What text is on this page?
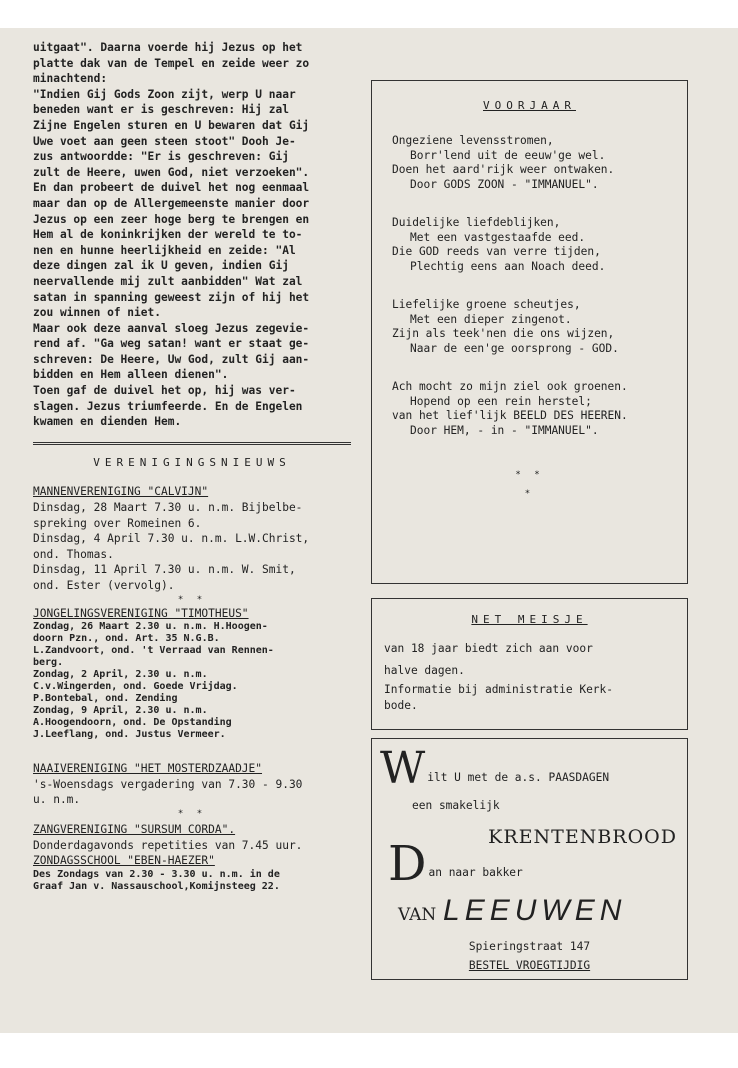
uitgaat". Daarna voerde hij Jezus op het

platte dak van de Tempel en zeide weer zo

minachtend:

"Indien Gij Gods Zoon zijt, werp U naar

beneden want er is geschreven: Hij zal

Zijne Engelen sturen en U bewaren dat Gij

Uwe voet aan geen steen stoot" Dooh Je-

zus antwoordde: "Er is geschreven: Gij

zult de Heere, uwen God, niet verzoeken".

En dan probeert de duivel het nog eenmaal

maar dan op de Allergemeenste manier door

Jezus op een zeer hoge berg te brengen en

Hem al de koninkrijken der wereld te to-

nen en hunne heerlijkheid en zeide: "Al

deze dingen zal ik U geven, indien Gij

neervallende mij zult aanbidden" Wat zal

satan in spanning geweest zijn of hij het

zou winnen of niet.

Maar ook deze aanval sloeg Jezus zegevie-

rend af. "Ga weg satan! want er staat ge-

schreven: De Heere, Uw God, zult Gij aan-

bidden en Hem alleen dienen".

Toen gaf de duivel het op, hij was ver-

slagen. Jezus triumfeerde. En de Engelen

kwamen en dienden Hem.

VERENIGINGSNIEUWS

MANNENVERENIGING "CALVIJN"

Dinsdag, 28 Maart 7.30 u. n.m. Bijbelbe-

spreking over Romeinen 6.

Dinsdag, 4 April 7.30 u. n.m. L.W.Christ,

ond. Thomas.

Dinsdag, 11 April 7.30 u. n.m. W. Smit,

ond. Ester (vervolg).

* *

JONGELINGSVERENIGING "TIMOTHEUS"

Zondag, 26 Maart 2.30 u. n.m. H.Hoogen-

doorn Pzn., ond. Art. 35 N.G.B.

L.Zandvoort, ond. 't Verraad van Rennen-

berg.

Zondag, 2 April, 2.30 u. n.m.

C.v.Wingerden, ond. Goede Vrijdag.

P.Bontebal, ond. Zending

Zondag, 9 April, 2.30 u. n.m.

A.Hoogendoorn, ond. De Opstanding

J.Leeflang, ond. Justus Vermeer.

NAAIVERENIGING "HET MOSTERDZAADJE"

's-Woensdags vergadering van 7.30 - 9.30

u. n.m.

* *

ZANGVERENIGING "SURSUM CORDA".

Donderdagavonds repetities van 7.45 uur.

ZONDAGSSCHOOL "EBEN-HAEZER"

Des Zondags van 2.30 - 3.30 u. n.m. in de

Graaf Jan v. Nassauschool,Komijnsteeg 22.

VOORJAAR

Ongeziene levensstromen,

Borr'lend uit de eeuw'ge wel.

Doen het aard'rijk weer ontwaken.

Door GODS ZOON - "IMMANUEL".

Duidelijke liefdeblijken,

Met een vastgestaafde eed.

Die GOD reeds van verre tijden,

Plechtig eens aan Noach deed.

Liefelijke groene scheutjes,

Met een dieper zingenot.

Zijn als teek'nen die ons wijzen,

Naar de een'ge oorsprong - GOD.

Ach mocht zo mijn ziel ook groenen.

Hopend op een rein herstel;

van het lief'lijk BEELD DES HEEREN.

Door HEM, - in - "IMMANUEL".

* *

*

NET MEISJE

van 18 jaar biedt zich aan voor

halve dagen.

Informatie bij administratie Kerk-

bode.

W ilt U met de a.s. PAASDAGEN
een smakelijk
KRENTENBROOD
D an naar bakker
VAN LEEUWEN
Spieringstraat 147
BESTEL VROEGTIJDIG
